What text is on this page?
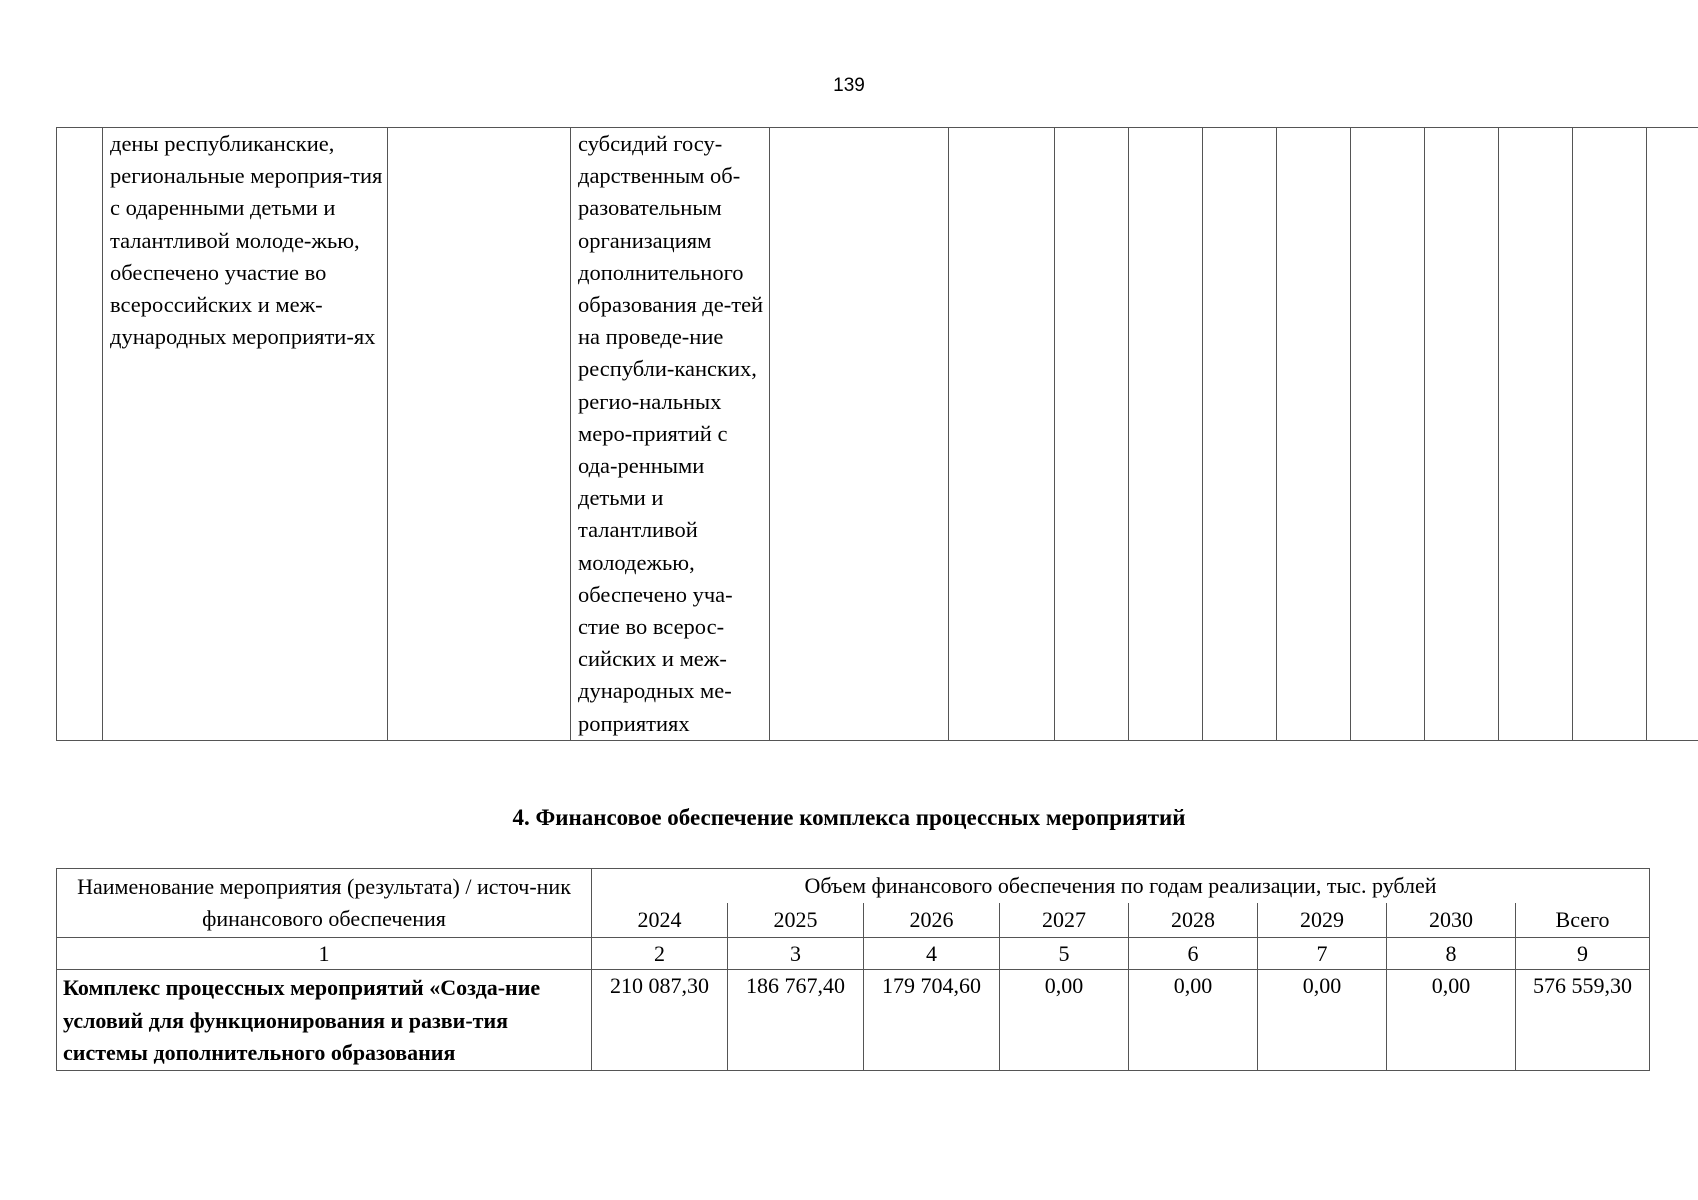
139
	дены республиканские, региональные мероприя-тия с одаренными детьми и талантливой молоде-жью, обеспечено участие во всероссийских и меж-дународных мероприяти-ях		субсидий госу-дарственным об-разовательным организациям дополнительного образования де-тей на проведе-ние республи-канских, регио-нальных меро-приятий с ода-ренными детьми и талантливой молодежью, обеспечено уча-стие во всерос-сийских и меж-дународных ме-роприятиях											
4. Финансовое обеспечение комплекса процессных мероприятий
Наименование мероприятия (результата) / источ-ник финансового обеспечения	Объем финансового обеспечения по годам реализации, тыс. рублей							
	2024	2025	2026	2027	2028	2029	2030	Всего
1	2	3	4	5	6	7	8	9
Комплекс процессных мероприятий «Созда-ние условий для функционирования и разви-тия системы дополнительного образования	210 087,30	186 767,40	179 704,60	0,00	0,00	0,00	0,00	576 559,30
